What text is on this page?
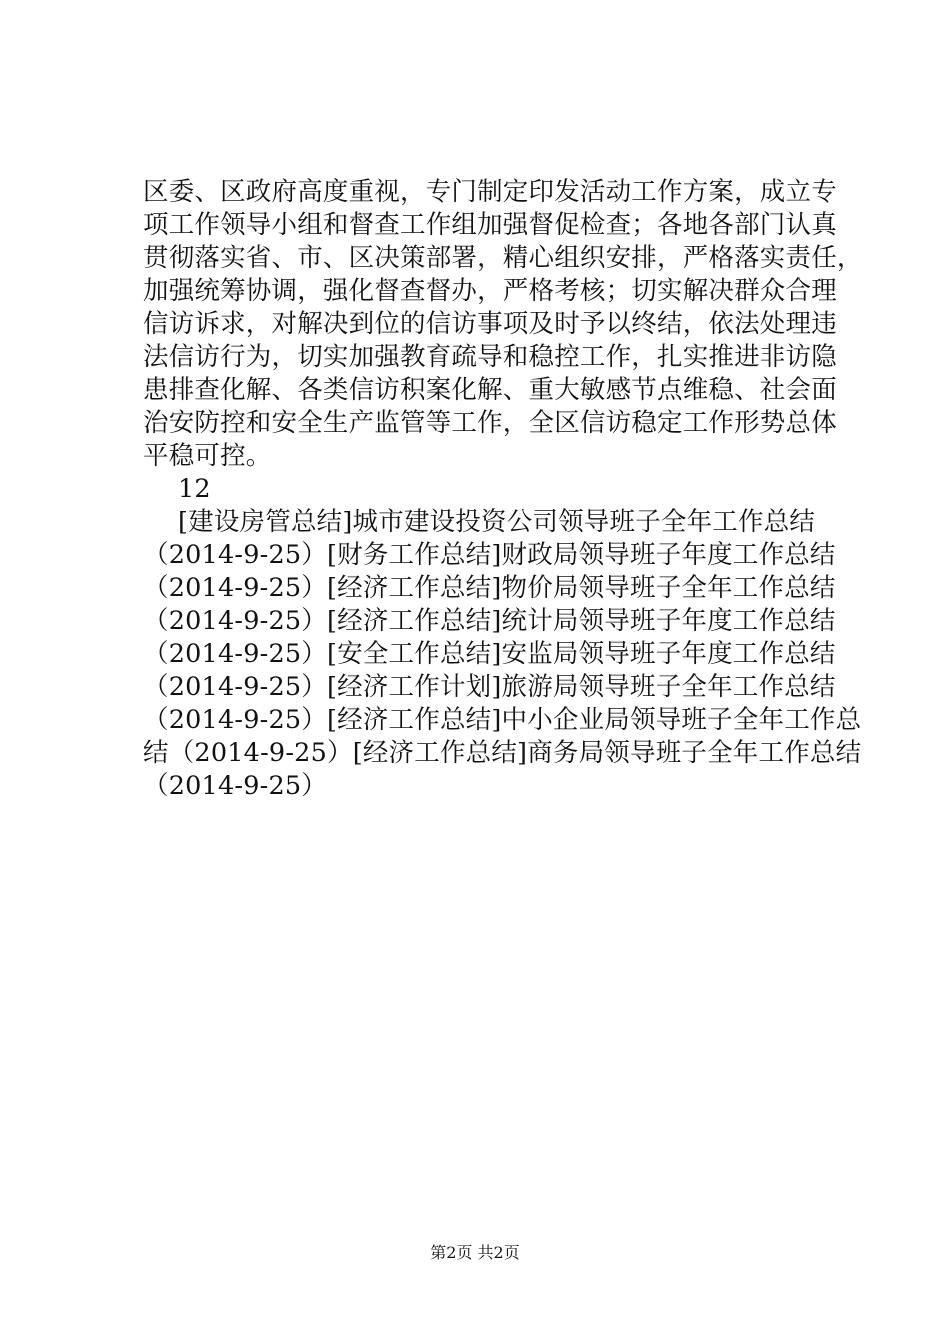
区委、区政府高度重视，专门制定印发活动工作方案，成立专
项工作领导小组和督查工作组加强督促检查；各地各部门认真
贯彻落实省、市、区决策部署，精心组织安排，严格落实责任，
加强统筹协调，强化督查督办，严格考核；切实解决群众合理
信访诉求，对解决到位的信访事项及时予以终结，依法处理违
法信访行为，切实加强教育疏导和稳控工作，扎实推进非访隐
患排查化解、各类信访积案化解、重大敏感节点维稳、社会面
治安防控和安全生产监管等工作，全区信访稳定工作形势总体
平稳可控。
12
[建设房管总结]城市建设投资公司领导班子全年工作总结
（2014-9-25）[财务工作总结]财政局领导班子年度工作总结
（2014-9-25）[经济工作总结]物价局领导班子全年工作总结
（2014-9-25）[经济工作总结]统计局领导班子年度工作总结
（2014-9-25）[安全工作总结]安监局领导班子年度工作总结
（2014-9-25）[经济工作计划]旅游局领导班子全年工作总结
（2014-9-25）[经济工作总结]中小企业局领导班子全年工作总
结（2014-9-25）[经济工作总结]商务局领导班子全年工作总结
（2014-9-25）
第2页 共2页
